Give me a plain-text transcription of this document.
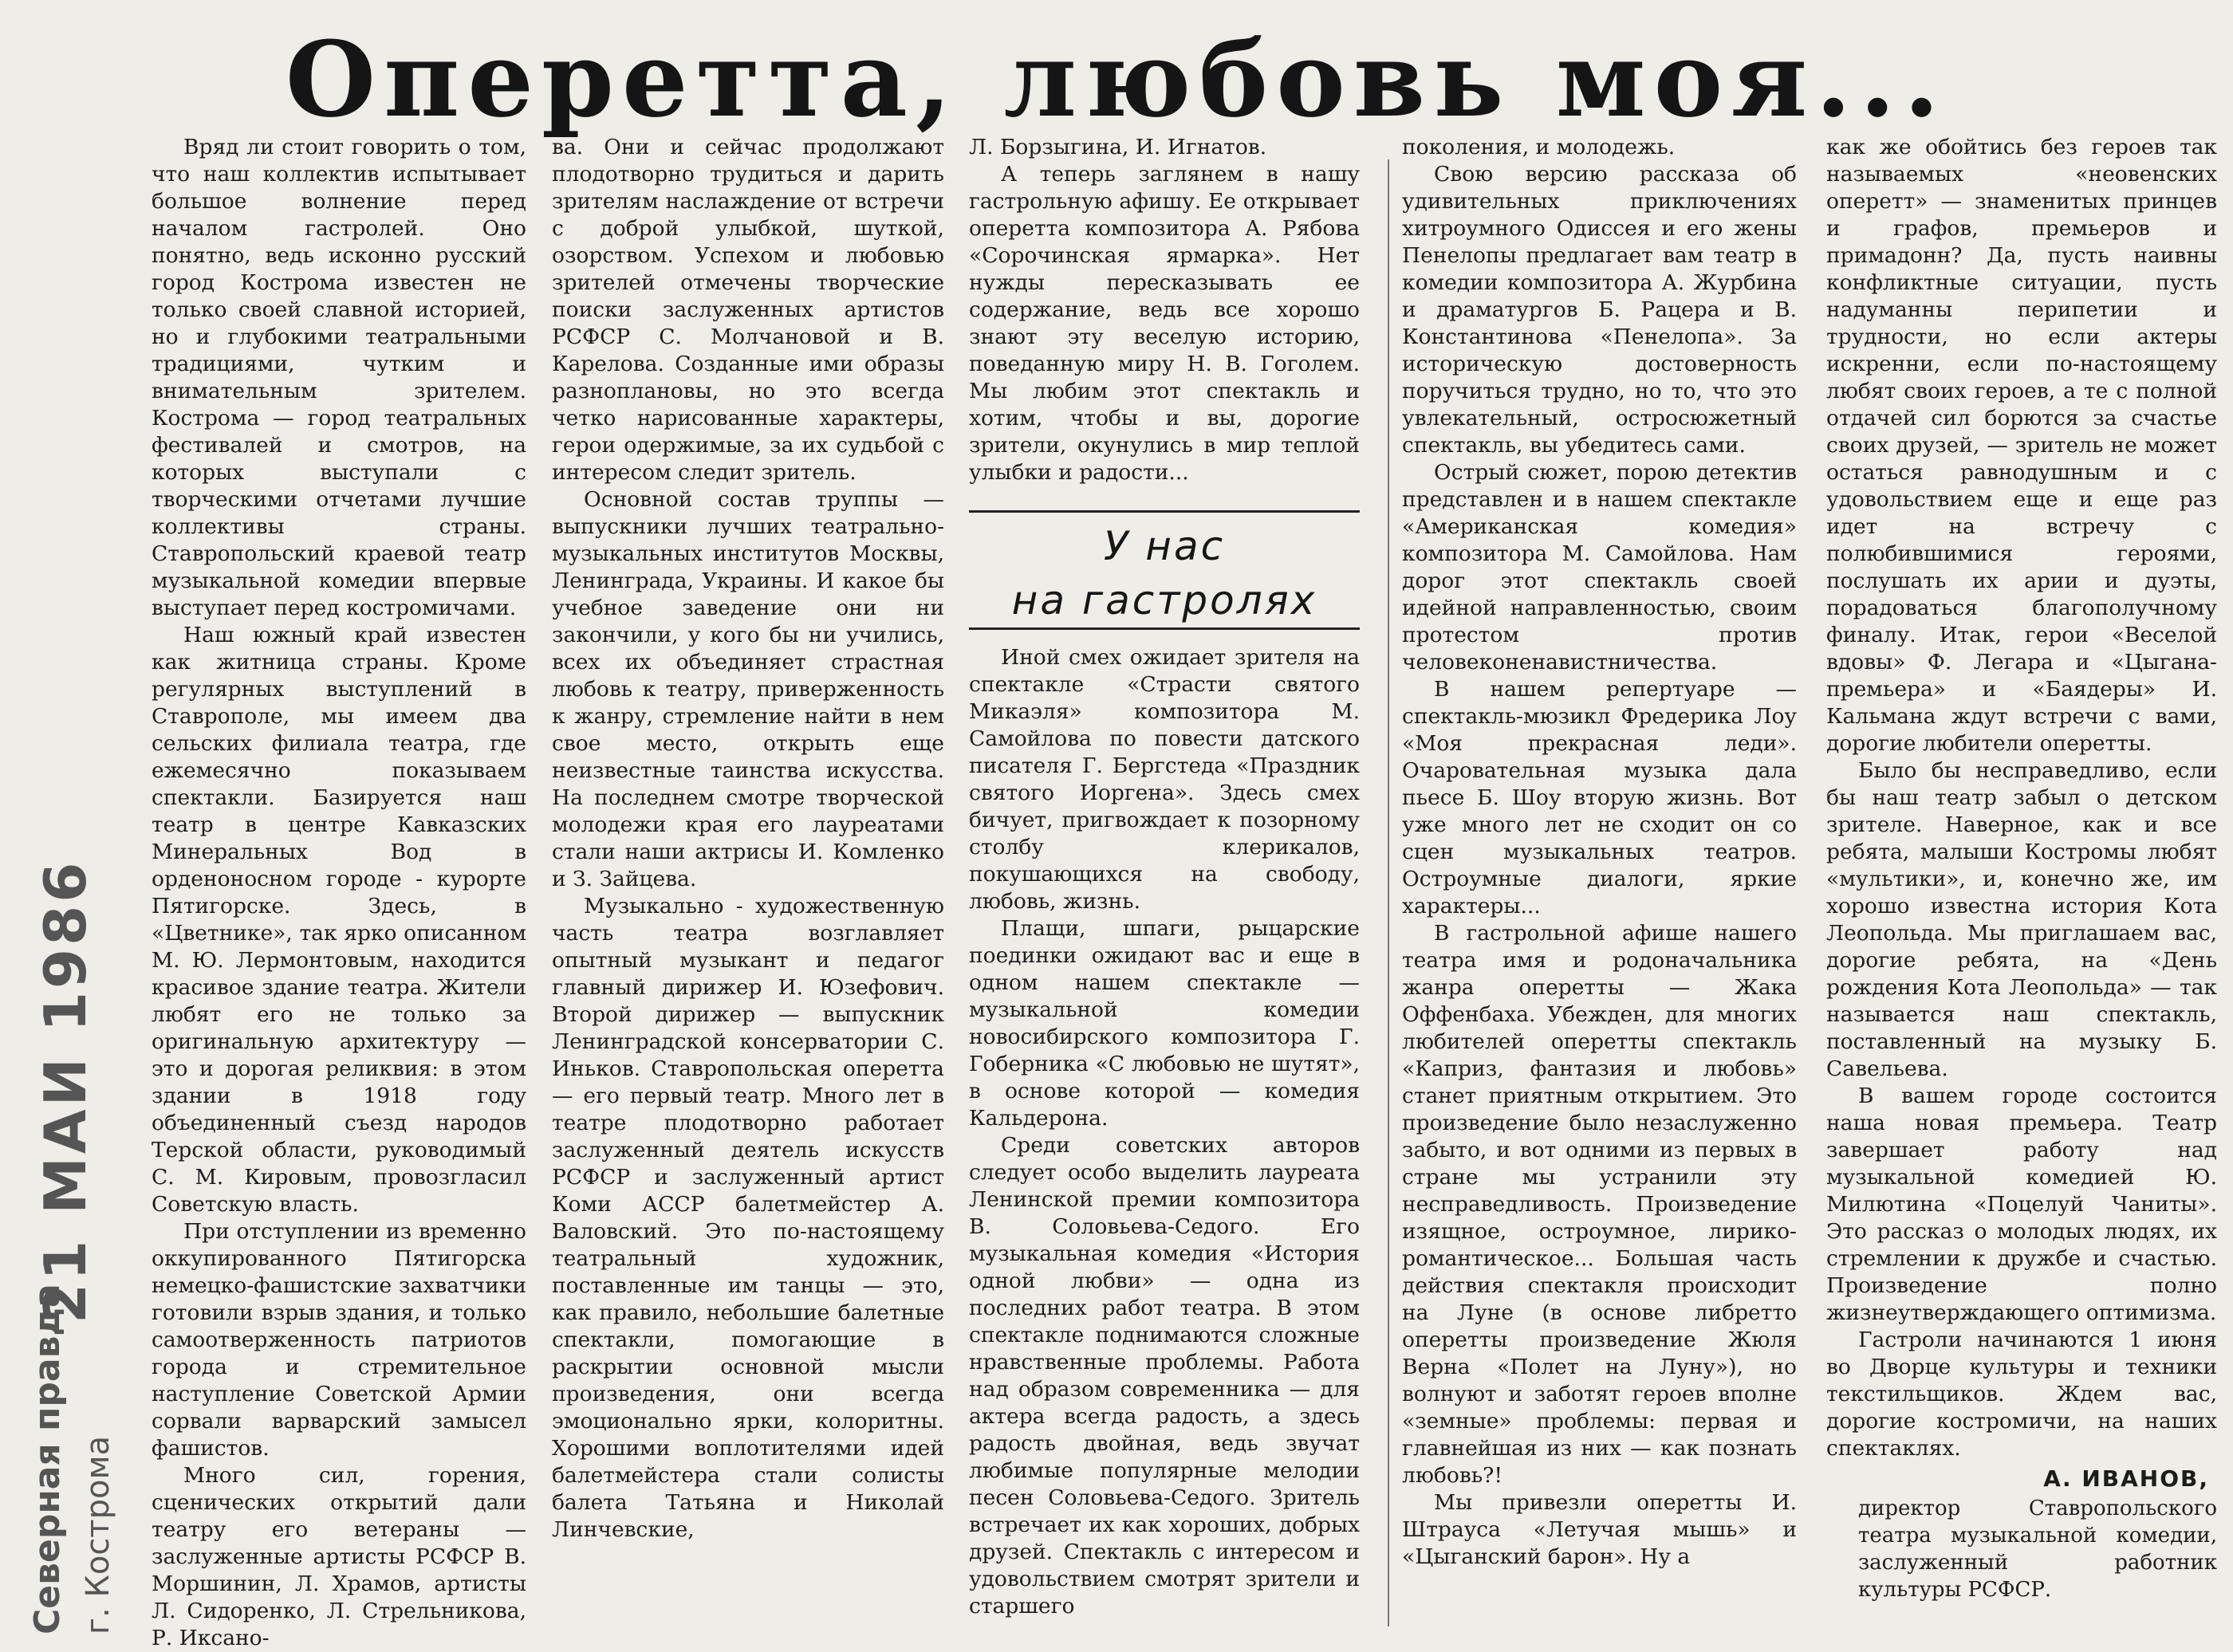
Оперетта, любовь моя...

Вряд ли стоит говорить о том, что наш коллектив испытывает большое волнение перед началом гастролей. Оно понятно, ведь исконно русский город Кострома известен не только своей славной историей, но и глубокими театральными традициями, чутким и внимательным зрителем. Кострома — город театральных фестивалей и смотров, на которых выступали с творческими отчетами лучшие коллективы страны. Ставропольский краевой театр музыкальной комедии впервые выступает перед костромичами.

Наш южный край известен как житница страны. Кроме регулярных выступлений в Ставрополе, мы имеем два сельских филиала театра, где ежемесячно показываем спектакли. Базируется наш театр в центре Кавказских Минеральных Вод в орденоносном городе - курорте Пятигорске. Здесь, в «Цветнике», так ярко описанном М. Ю. Лермонтовым, находится красивое здание театра. Жители любят его не только за оригинальную архитектуру — это и дорогая реликвия: в этом здании в 1918 году объединенный съезд народов Терской области, руководимый С. М. Кировым, провозгласил Советскую власть.

При отступлении из временно оккупированного Пятигорска немецко-фашистские захватчики готовили взрыв здания, и только самоотверженность патриотов города и стремительное наступление Советской Армии сорвали варварский замысел фашистов.

Много сил, горения, сценических открытий дали театру его ветераны — заслуженные артисты РСФСР В. Моршинин, Л. Храмов, артисты Л. Сидоренко, Л. Стрельникова, Р. Иксано-

ва. Они и сейчас продолжают плодотворно трудиться и дарить зрителям наслаждение от встречи с доброй улыбкой, шуткой, озорством. Успехом и любовью зрителей отмечены творческие поиски заслуженных артистов РСФСР С. Молчановой и В. Карелова. Созданные ими образы разноплановы, но это всегда четко нарисованные характеры, герои одержимые, за их судьбой с интересом следит зритель.

Основной состав труппы — выпускники лучших театрально-музыкальных институтов Москвы, Ленинграда, Украины. И какое бы учебное заведение они ни закончили, у кого бы ни учились, всех их объединяет страстная любовь к театру, приверженность к жанру, стремление найти в нем свое место, открыть еще неизвестные таинства искусства. На последнем смотре творческой молодежи края его лауреатами стали наши актрисы И. Комленко и З. Зайцева.

Музыкально - художественную часть театра возглавляет опытный музыкант и педагог главный дирижер И. Юзефович. Второй дирижер — выпускник Ленинградской консерватории С. Иньков. Ставропольская оперетта — его первый театр. Много лет в театре плодотворно работает заслуженный деятель искусств РСФСР и заслуженный артист Коми АССР балетмейстер А. Валовский. Это по-настоящему театральный художник, поставленные им танцы — это, как правило, небольшие балетные спектакли, помогающие в раскрытии основной мысли произведения, они всегда эмоционально ярки, колоритны. Хорошими воплотителями идей балетмейстера стали солисты балета Татьяна и Николай Линчевские,

Л. Борзыгина, И. Игнатов.

А теперь заглянем в нашу гастрольную афишу. Ее открывает оперетта композитора А. Рябова «Сорочинская ярмарка». Нет нужды пересказывать ее содержание, ведь все хорошо знают эту веселую историю, поведанную миру Н. В. Гоголем. Мы любим этот спектакль и хотим, чтобы и вы, дорогие зрители, окунулись в мир теплой улыбки и радости...

У нас
на гастролях

Иной смех ожидает зрителя на спектакле «Страсти святого Микаэля» композитора М. Самойлова по повести датского писателя Г. Бергстеда «Праздник святого Иоргена». Здесь смех бичует, пригвождает к позорному столбу клерикалов, покушающихся на свободу, любовь, жизнь.

Плащи, шпаги, рыцарские поединки ожидают вас и еще в одном нашем спектакле — музыкальной комедии новосибирского композитора Г. Гоберника «С любовью не шутят», в основе которой — комедия Кальдерона.

Среди советских авторов следует особо выделить лауреата Ленинской премии композитора В. Соловьева-Седого. Его музыкальная комедия «История одной любви» — одна из последних работ театра. В этом спектакле поднимаются сложные нравственные проблемы. Работа над образом современника — для актера всегда радость, а здесь радость двойная, ведь звучат любимые популярные мелодии песен Соловьева-Седого. Зритель встречает их как хороших, добрых друзей. Спектакль с интересом и удовольствием смотрят зрители и старшего

поколения, и молодежь.

Свою версию рассказа об удивительных приключениях хитроумного Одиссея и его жены Пенелопы предлагает вам театр в комедии композитора А. Журбина и драматургов Б. Рацера и В. Константинова «Пенелопа». За историческую достоверность поручиться трудно, но то, что это увлекательный, остросюжетный спектакль, вы убедитесь сами.

Острый сюжет, порою детектив представлен и в нашем спектакле «Американская комедия» композитора М. Самойлова. Нам дорог этот спектакль своей идейной направленностью, своим протестом против человеконенавистничества.

В нашем репертуаре — спектакль-мюзикл Фредерика Лоу «Моя прекрасная леди». Очаровательная музыка дала пьесе Б. Шоу вторую жизнь. Вот уже много лет не сходит он со сцен музыкальных театров. Остроумные диалоги, яркие характеры...

В гастрольной афише нашего театра имя и родоначальника жанра оперетты — Жака Оффенбаха. Убежден, для многих любителей оперетты спектакль «Каприз, фантазия и любовь» станет приятным открытием. Это произведение было незаслуженно забыто, и вот одними из первых в стране мы устранили эту несправедливость. Произведение изящное, остроумное, лирико-романтическое... Большая часть действия спектакля происходит на Луне (в основе либретто оперетты произведение Жюля Верна «Полет на Луну»), но волнуют и заботят героев вполне «земные» проблемы: первая и главнейшая из них — как познать любовь?!

Мы привезли оперетты И. Штрауса «Летучая мышь» и «Цыганский барон». Ну а

как же обойтись без героев так называемых «неовенских оперетт» — знаменитых принцев и графов, премьеров и примадонн? Да, пусть наивны конфликтные ситуации, пусть надуманны перипетии и трудности, но если актеры искренни, если по-настоящему любят своих героев, а те с полной отдачей сил борются за счастье своих друзей, — зритель не может остаться равнодушным и с удовольствием еще и еще раз идет на встречу с полюбившимися героями, послушать их арии и дуэты, порадоваться благополучному финалу. Итак, герои «Веселой вдовы» Ф. Легара и «Цыгана-премьера» и «Баядеры» И. Кальмана ждут встречи с вами, дорогие любители оперетты.

Было бы несправедливо, если бы наш театр забыл о детском зрителе. Наверное, как и все ребята, малыши Костромы любят «мультики», и, конечно же, им хорошо известна история Кота Леопольда. Мы приглашаем вас, дорогие ребята, на «День рождения Кота Леопольда» — так называется наш спектакль, поставленный на музыку Б. Савельева.

В вашем городе состоится наша новая премьера. Театр завершает работу над музыкальной комедией Ю. Милютина «Поцелуй Чаниты». Это рассказ о молодых людях, их стремлении к дружбе и счастью. Произведение полно жизнеутверждающего оптимизма.

Гастроли начинаются 1 июня во Дворце культуры и техники текстильщиков. Ждем вас, дорогие костромичи, на наших спектаклях.

А. ИВАНОВ,
директор Ставропольского театра музыкальной комедии, заслуженный работник культуры РСФСР.
21 МАИ 1986
Северная правда г. Кострома
